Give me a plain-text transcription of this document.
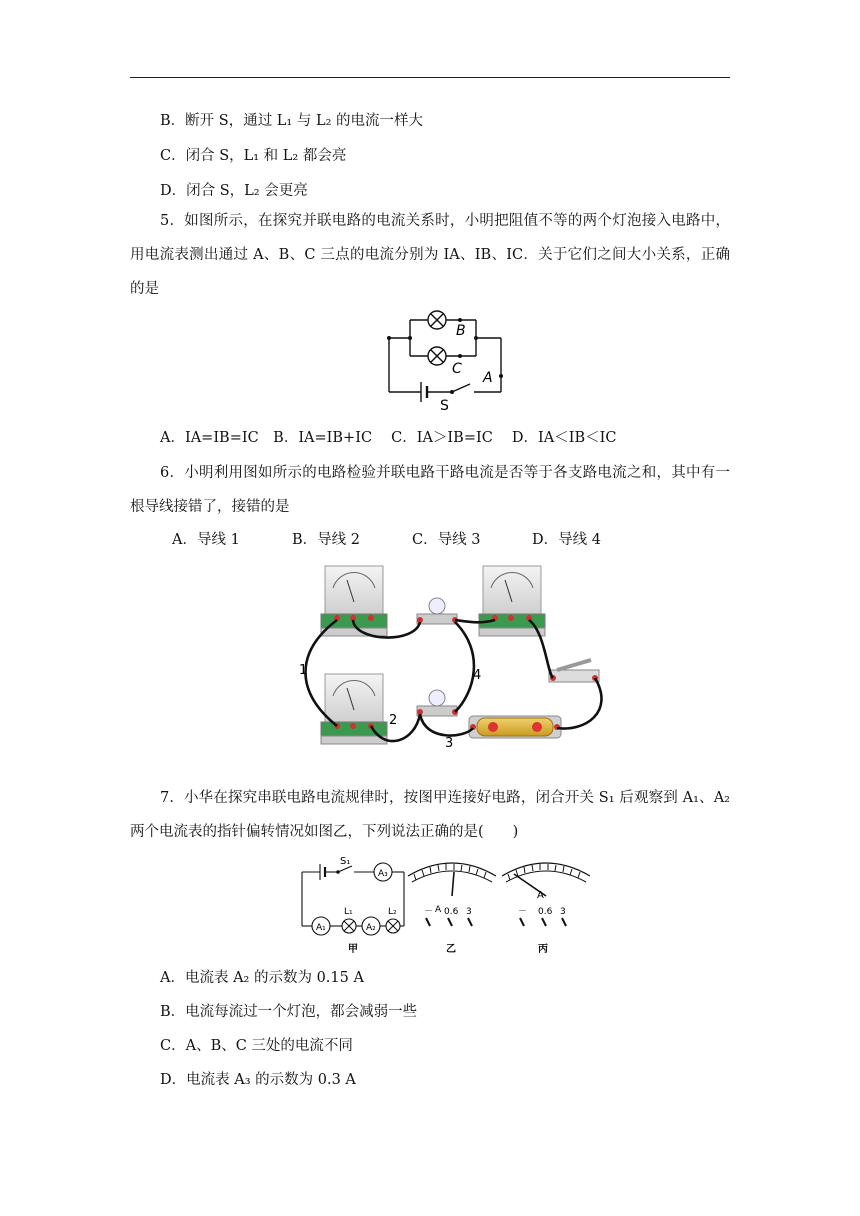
B．断开 S，通过 L₁ 与 L₂ 的电流一样大
C．闭合 S，L₁ 和 L₂ 都会亮
D．闭合 S，L₂ 会更亮
5．如图所示，在探究并联电路的电流关系时，小明把阻值不等的两个灯泡接入电路中，用电流表测出通过 A、B、C 三点的电流分别为 IA、IB、IC．关于它们之间大小关系，正确的是
B
C
A
S
A．IA=IB=IC　B．IA=IB+IC　 C．IA＞IB=IC　 D．IA＜IB＜IC
6．小明利用图如所示的电路检验并联电路干路电流是否等于各支路电流之和，其中有一根导线接错了，接错的是
A．导线 1	B．导线 2	C．导线 3	D．导线 4
1
2
3
4
7．小华在探究串联电路电流规律时，按图甲连接好电路，闭合开关 S₁ 后观察到 A₁、A₂ 两个电流表的指针偏转情况如图乙，下列说法正确的是(　　)
S₁
A₃
A₁	A₂
L₁	L₂
甲
A
－ 0.6 3
乙
A
－ 0.6 3
丙
A．电流表 A₂ 的示数为 0.15 A
B．电流每流过一个灯泡，都会减弱一些
C．A、B、C 三处的电流不同
D．电流表 A₃ 的示数为 0.3 A
